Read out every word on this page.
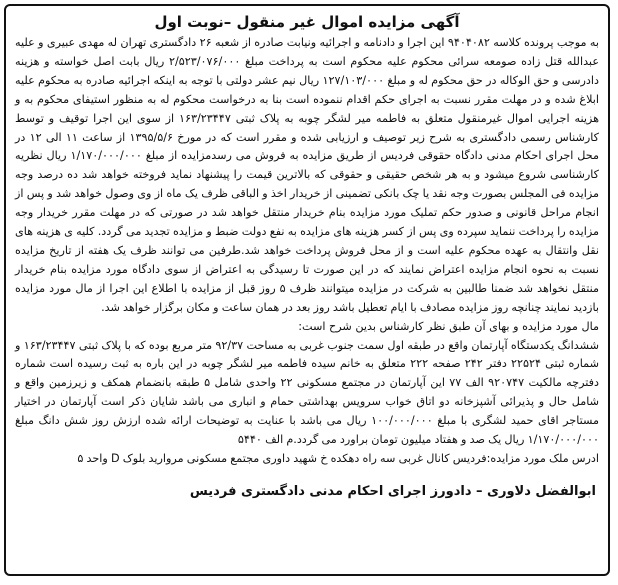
آگهی مزایده اموال غیر منقول –نوبت اول
به موجب پرونده کلاسه ۹۴۰۴۰۸۲ این اجرا و دادنامه و اجرائیه ونیابت صادره از شعبه ۲۶ دادگستری تهران له مهدی عبیری و علیه عبدالله قتل زاده صومعه سرائی محکوم علیه محکوم است به پرداخت مبلغ ۲/۵۲۳/۰۷۶/۰۰۰ ریال بابت اصل خواسته و هزینه دادرسی و حق الوکاله در حق محکوم له و مبلغ ۱۲۷/۱۰۳/۰۰۰ ریال نیم عشر دولتی با توجه به اینکه اجرائیه صادره به محکوم علیه ابلاغ شده و در مهلت مقرر نسبت به اجرای حکم اقدام ننموده است بنا به درخواست محکوم له به منظور استیفای محکوم به و هزینه اجرایی اموال غیرمنقول متعلق به فاطمه میر لشگر چوبه به پلاک ثبتی ۱۶۳/۲۳۴۴۷ از سوی این اجرا توقیف و توسط کارشناس رسمی دادگستری به شرح زیر توصیف و ارزیابی شده و مقرر است که در مورخ ۱۳۹۵/۵/۶ از ساعت ۱۱ الی ۱۲ در محل اجرای احکام مدنی دادگاه حقوقی فردیس از طریق مزایده به فروش می رسدمزایده از مبلغ ۱/۱۷۰/۰۰۰/۰۰۰ ریال نظریه کارشناسی شروع میشود و به هر شخص حقیقی و حقوقی که بالاترین قیمت را پیشنهاد نماید فروخته خواهد شد ده درصد وجه مزایده فی المجلس بصورت وجه نقد یا چک بانکی تضمینی از خریدار اخذ و الباقی ظرف یک ماه از وی وصول خواهد شد و پس از انجام مراحل قانونی و صدور حکم تملیک مورد مزایده بنام خریدار منتقل خواهد شد در صورتی که در مهلت مقرر خریدار وجه مزایده را پرداخت ننماید سپرده وی پس از کسر هزینه های مزایده به نفع دولت ضبط و مزایده تجدید می گردد. کلیه ی هزینه های نقل وانتقال به عهده محکوم علیه است و از محل فروش پرداخت خواهد شد.طرفین می توانند ظرف یک هفته از تاریخ مزایده نسبت به نحوه انجام مزایده اعتراض نمایند که در این صورت تا رسیدگی به اعتراض از سوی دادگاه مورد مزایده بنام خریدار منتقل نخواهد شد ضمنا طالبین به شرکت در مزایده میتوانند ظرف ۵ روز قبل از مزایده با اطلاع این اجرا از مال مورد مزایده بازدید نمایند چنانچه روز مزایده مصادف با ایام تعطیل باشد روز بعد در همان ساعت و مکان برگزار خواهد شد.
مال مورد مزایده و بهای آن طبق نظر کارشناس بدین شرح است:
ششدانگ یکدستگاه آپارتمان واقع در طبقه اول سمت جنوب غربی به مساحت ۹۲/۳۷ متر مربع بوده که با پلاک ثبتی ۱۶۳/۲۳۴۴۷ و شماره ثبتی ۲۲۵۲۴ دفتر ۲۴۲ صفحه ۲۲۲ متعلق به خانم سیده فاطمه میر لشگر چوبه در این باره به ثبت رسیده است شماره دفترچه مالکیت ۹۲۰۷۴۷ الف ۷۷ این آپارتمان در مجتمع مسکونی ۲۲ واحدی شامل ۵ طبقه بانضمام همکف و زیرزمین واقع و شامل حال و پذیرائی آشپزخانه دو اتاق خواب سرویس بهداشتی حمام و انباری می باشد شایان ذکر است آپارتمان در اختیار مستاجر اقای حمید لشگری با مبلغ ۱۰۰/۰۰۰/۰۰۰ ریال می باشد با عنایت به توضیحات ارائه شده ارزش روز شش دانگ مبلغ ۱/۱۷۰/۰۰۰/۰۰۰ ریال یک صد و هفتاد میلیون تومان براورد می گردد.م الف ۵۴۴۰
ادرس ملک مورد مزایده:فردیس کانال غربی سه راه دهکده خ شهید داوری مجتمع مسکونی مروارید بلوک D واحد ۵
ابوالفضل دلاوری – دادورز اجرای احکام مدنی دادگستری فردیس
